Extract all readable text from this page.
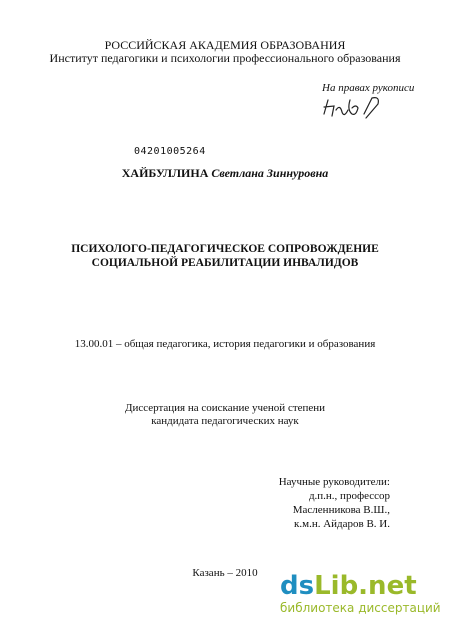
РОССИЙСКАЯ АКАДЕМИЯ ОБРАЗОВАНИЯ
Институт педагогики и психологии профессионального образования
На правах рукописи
04201005264
ХАЙБУЛЛИНА Светлана Зиннуровна
ПСИХОЛОГО-ПЕДАГОГИЧЕСКОЕ СОПРОВОЖДЕНИЕ
СОЦИАЛЬНОЙ РЕАБИЛИТАЦИИ ИНВАЛИДОВ
13.00.01 – общая педагогика, история педагогики и образования
Диссертация на соискание ученой степени
кандидата педагогических наук
Научные руководители:
д.п.н., профессор
Масленникова В.Ш.,
к.м.н. Айдаров В. И.
Казань – 2010 dsLib.net
библиотека диссертаций
